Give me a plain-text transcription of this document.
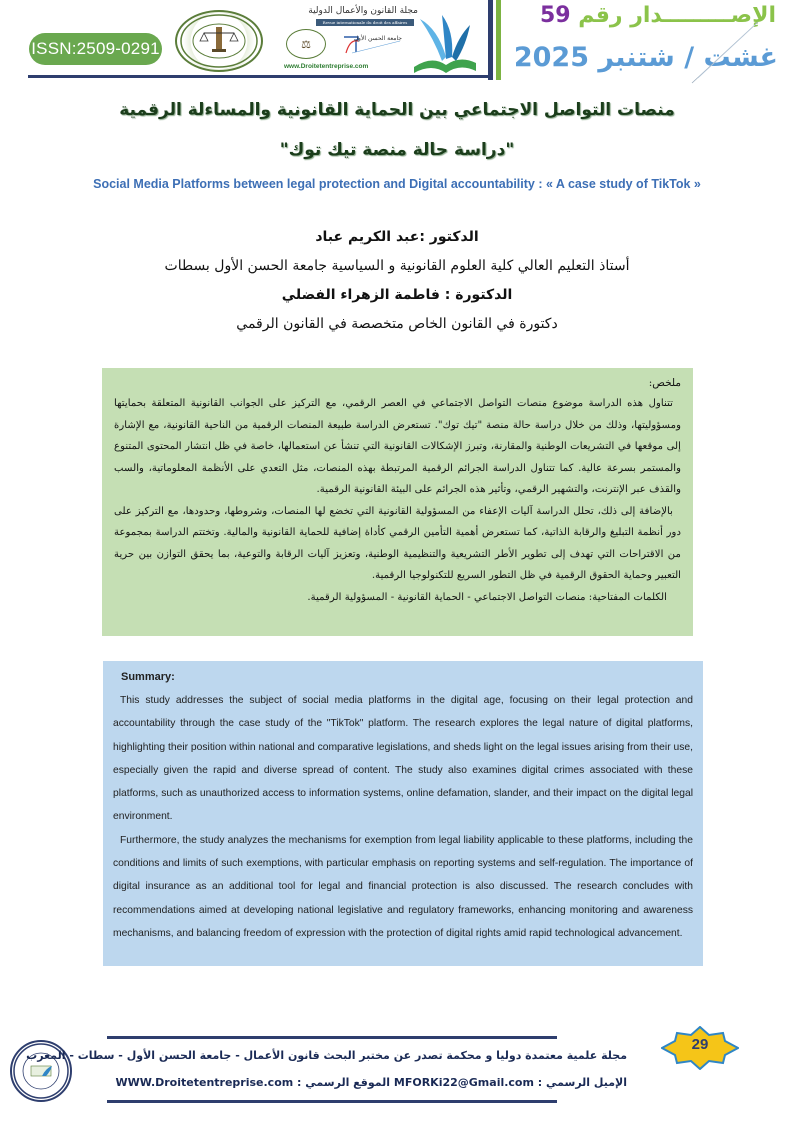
ISSN:2509-0291
مجلة القانون والأعمال الدولية
Revue internationale du droit des affaires
⚖	جامعة الحسن الأول
www.Droitetentreprise.com
الإصـــــــــدار رقم 59
غشت / شتنبر 2025
منصات التواصل الاجتماعي بين الحماية القانونية والمساءلة الرقمية
"دراسة حالة منصة تيك توك"
Social Media Platforms between legal protection and Digital accountability : « A case study of TikTok »
الدكتور :عبد الكريم عباد
أستاذ التعليم العالي كلية العلوم القانونية و السياسية جامعة الحسن الأول بسطات
الدكتورة : فاطمة الزهراء الفضلي
دكتورة في القانون الخاص متخصصة في القانون الرقمي
ملخص:

تتناول هذه الدراسة موضوع منصات التواصل الاجتماعي في العصر الرقمي، مع التركيز على الجوانب القانونية المتعلقة بحمايتها ومسؤوليتها، وذلك من خلال دراسة حالة منصة "تيك توك". تستعرض الدراسة طبيعة المنصات الرقمية من الناحية القانونية، مع الإشارة إلى موقعها في التشريعات الوطنية والمقارنة، وتبرز الإشكالات القانونية التي تنشأ عن استعمالها، خاصة في ظل انتشار المحتوى المتنوع والمستمر بسرعة عالية. كما تتناول الدراسة الجرائم الرقمية المرتبطة بهذه المنصات، مثل التعدي على الأنظمة المعلوماتية، والسب والقذف عبر الإنترنت، والتشهير الرقمي، وتأثير هذه الجرائم على البيئة القانونية الرقمية.

بالإضافة إلى ذلك، تحلل الدراسة آليات الإعفاء من المسؤولية القانونية التي تخضع لها المنصات، وشروطها، وحدودها، مع التركيز على دور أنظمة التبليغ والرقابة الذاتية، كما تستعرض أهمية التأمين الرقمي كأداة إضافية للحماية القانونية والمالية. وتختتم الدراسة بمجموعة من الاقتراحات التي تهدف إلى تطوير الأطر التشريعية والتنظيمية الوطنية، وتعزيز آليات الرقابة والتوعية، بما يحقق التوازن بين حرية التعبير وحماية الحقوق الرقمية في ظل التطور السريع للتكنولوجيا الرقمية.

الكلمات المفتاحية: منصات التواصل الاجتماعي - الحماية القانونية - المسؤولية الرقمية.

Summary:

This study addresses the subject of social media platforms in the digital age, focusing on their legal protection and accountability through the case study of the "TikTok" platform. The research explores the legal nature of digital platforms, highlighting their position within national and comparative legislations, and sheds light on the legal issues arising from their use, especially given the rapid and diverse spread of content. The study also examines digital crimes associated with these platforms, such as unauthorized access to information systems, online defamation, slander, and their impact on the digital legal environment.

Furthermore, the study analyzes the mechanisms for exemption from legal liability applicable to these platforms, including the conditions and limits of such exemptions, with particular emphasis on reporting systems and self-regulation. The importance of digital insurance as an additional tool for legal and financial protection is also discussed. The research concludes with recommendations aimed at developing national legislative and regulatory frameworks, enhancing monitoring and awareness mechanisms, and balancing freedom of expression with the protection of digital rights amid rapid technological advancement.

مجلة علمية معتمدة دوليا و محكمة تصدر عن مختبر البحث قانون الأعمال - جامعة الحسن الأول - سطات - المغرب
الإميل الرسمي : MFORKi22@Gmail.com الموقع الرسمي : WWW.Droitetentreprise.com
29
